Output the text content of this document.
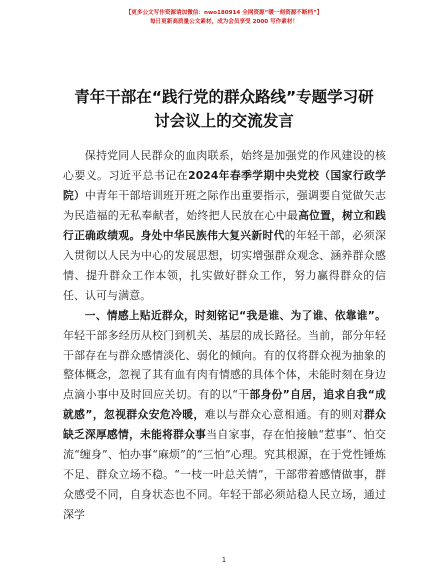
【更多公文写作资源请加微信：nwo180914 全网资源“暖一刻资源不断档”】
每日更新高质量公文素材，成为会员享受 2000 写作素材！
青年干部在“践行党的群众路线”专题学习研
讨会议上的交流发言

保持党同人民群众的血肉联系，始终是加强党的作风建设的核心要义。习近平总书记在2024年春季学期中央党校（国家行政学院）中青年干部培训班开班之际作出重要指示，强调要自觉做矢志为民造福的无私奉献者，始终把人民放在心中最高位置，树立和践行正确政绩观。身处中华民族伟大复兴新时代的年轻干部，必须深入贯彻以人民为中心的发展思想，切实增强群众观念、涵养群众感情、提升群众工作本领，扎实做好群众工作，努力赢得群众的信任、认可与满意。

一、情感上贴近群众，时刻铭记“我是谁、为了谁、依靠谁”。年轻干部多经历从校门到机关、基层的成长路径。当前，部分年轻干部存在与群众感情淡化、弱化的倾向。有的仅将群众视为抽象的整体概念，忽视了其有血有肉有情感的具体个体，未能时刻在身边点滴小事中及时回应关切。有的以“干部身份”自居，追求自我“成就感”，忽视群众安危冷暖，难以与群众心意相通。有的则对群众缺乏深厚感情，未能将群众事当自家事，存在怕接触“惹事”、怕交流“缠身”、怕办事“麻烦”的“三怕”心理。究其根源，在于党性锤炼不足、群众立场不稳。“一枝一叶总关情”，干部带着感情做事，群众感受不同，自身状态也不同。年轻干部必须站稳人民立场，通过深学

1
